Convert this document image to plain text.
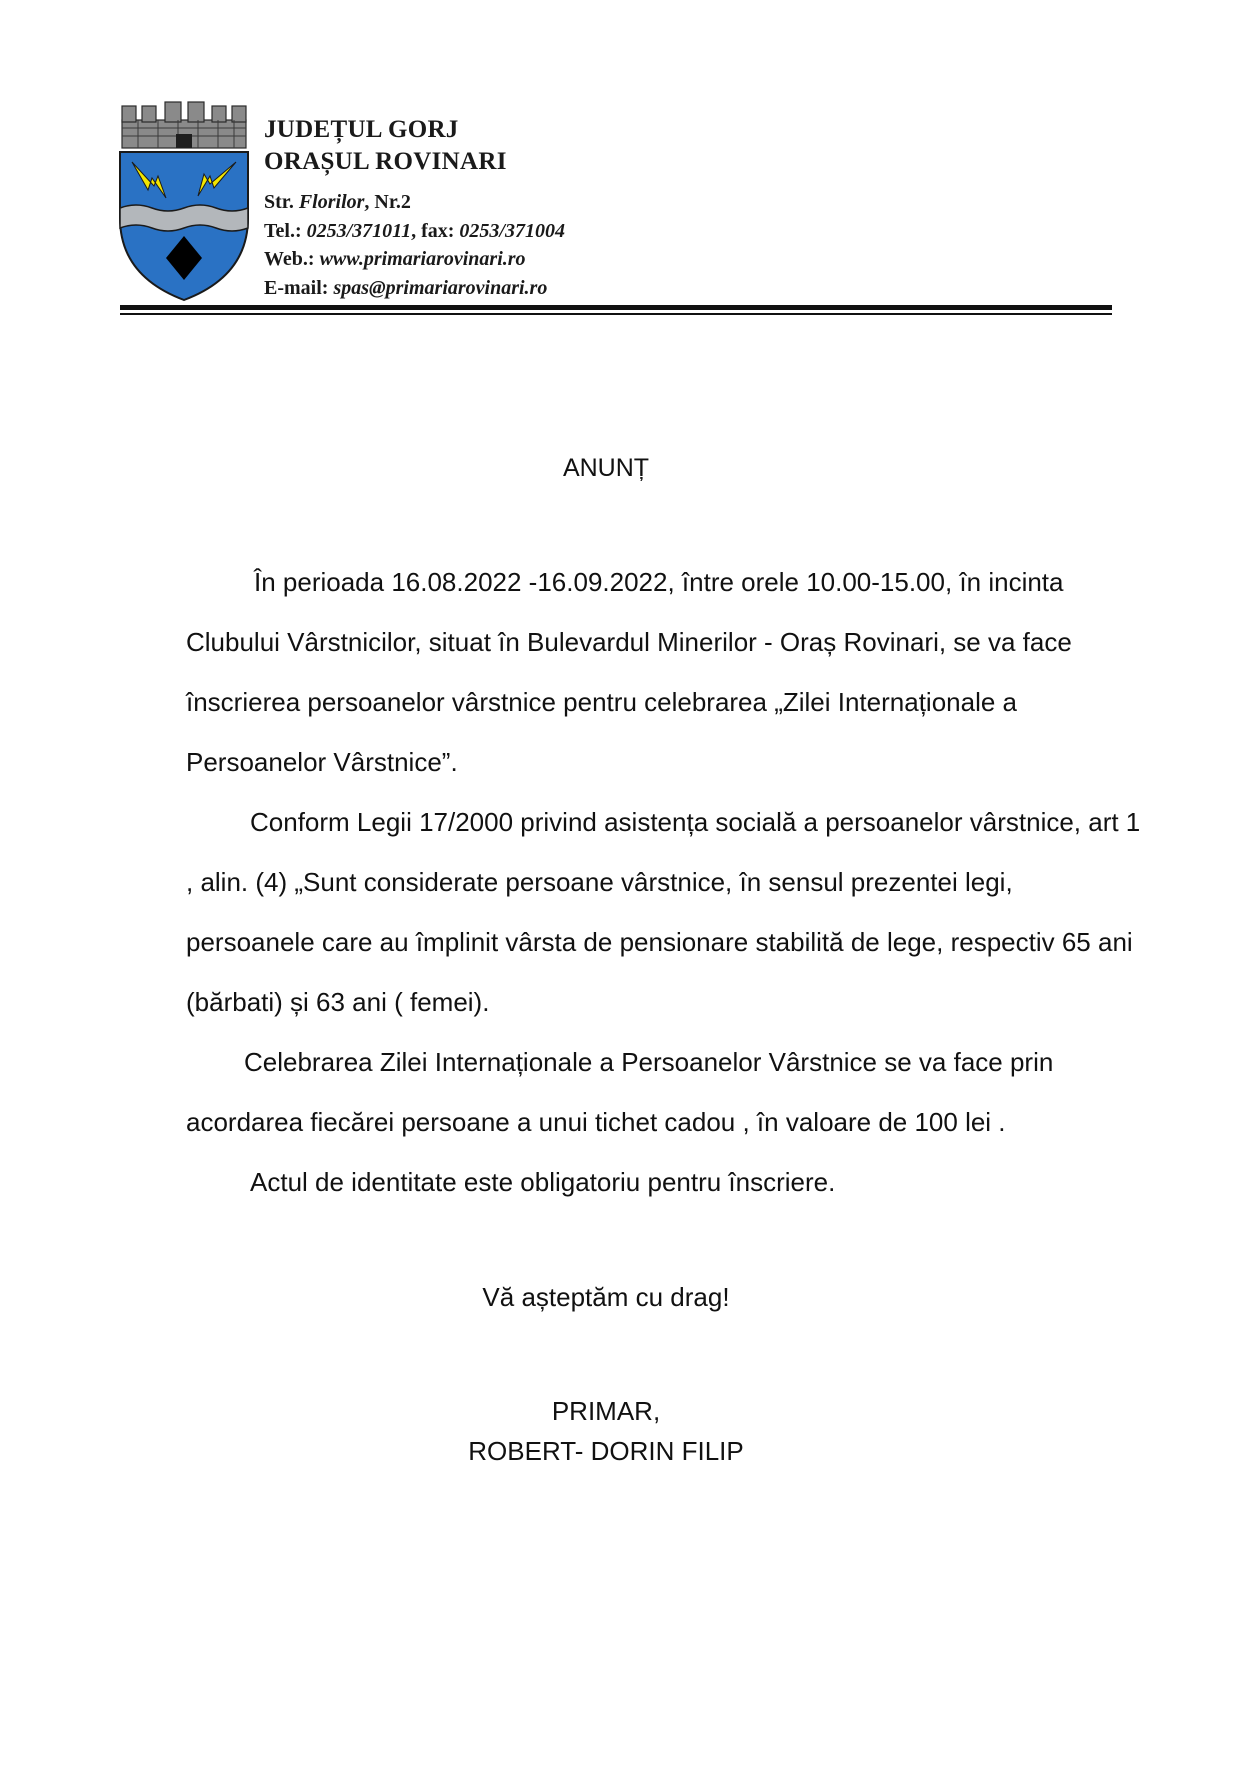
JUDEȚUL GORJ
ORAȘUL ROVINARI
Str. Florilor, Nr.2
Tel.: 0253/371011, fax: 0253/371004
Web.: www.primariarovinari.ro
E-mail: spas@primariarovinari.ro
ANUNȚ

În perioada 16.08.2022 -16.09.2022, între orele 10.00-15.00, în incinta Clubului Vârstnicilor, situat în Bulevardul Minerilor - Oraș Rovinari, se va face înscrierea persoanelor vârstnice pentru celebrarea „Zilei Internaționale a Persoanelor Vârstnice”.

Conform Legii 17/2000 privind asistența socială a persoanelor vârstnice, art 1 , alin. (4) „Sunt considerate persoane vârstnice, în sensul prezentei legi, persoanele care au împlinit vârsta de pensionare stabilită de lege, respectiv 65 ani (bărbati) și 63 ani ( femei).

Celebrarea Zilei Internaționale a Persoanelor Vârstnice se va face prin acordarea fiecărei persoane a unui tichet cadou , în valoare de 100 lei .

Actul de identitate este obligatoriu pentru înscriere.

Vă așteptăm cu drag!
PRIMAR,
ROBERT- DORIN FILIP
